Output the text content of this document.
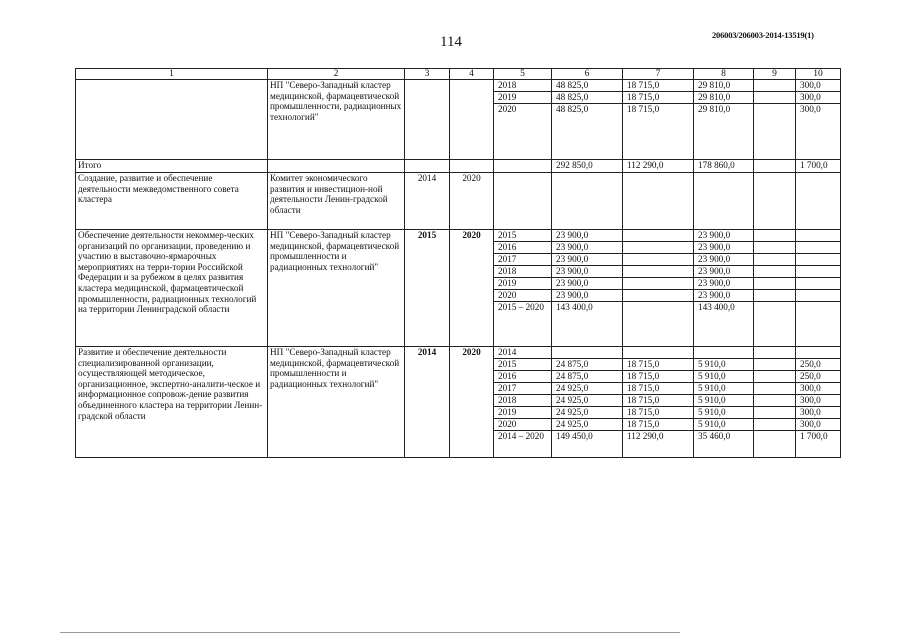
114	206003/206003-2014-13519(1)
1	2	3	4	5	6	7	8	9	10
	НП "Северо-Западный кластер медицинской, фармацевтической промышленности, радиационных технологий"			2018	48 825,0	18 715,0	29 810,0		300,0
				2019	48 825,0	18 715,0	29 810,0		300,0
				2020	48 825,0	18 715,0	29 810,0		300,0
Итого					292 850,0	112 290,0	178 860,0		1 700,0
Создание, развитие и обеспечение деятельности межведомственного совета кластера	Комитет экономического развития и инвестицион-ной деятельности Ленин-градской области	2014	2020						
Обеспечение деятельности некоммер-ческих организаций по организации, проведению и участию в выставочно-ярмарочных мероприятиях на терри-тории Российской Федерации и за рубежом в целях развития кластера медицинской, фармацевтической промышленности, радиационных технологий на территории Ленинградской области	НП "Северо-Западный кластер медицинской, фармацевтической промышленности и радиационных технологий"	2015	2020	2015	23 900,0		23 900,0		
				2016	23 900,0		23 900,0		
				2017	23 900,0		23 900,0		
				2018	23 900,0		23 900,0		
				2019	23 900,0		23 900,0		
				2020	23 900,0		23 900,0		
				2015 – 2020	143 400,0		143 400,0		
Развитие и обеспечение деятельности специализированной организации, осуществляющей методическое, организационное, экспертно-аналити-ческое и информационное сопровож-дение развития объединенного кластера на территории Ленин-градской области	НП "Северо-Западный кластер медицинской, фармацевтической промышленности и радиационных технологий"	2014	2020	2014					
				2015	24 875,0	18 715,0	5 910,0		250,0
				2016	24 875,0	18 715,0	5 910,0		250,0
				2017	24 925,0	18 715,0	5 910,0		300,0
				2018	24 925,0	18 715,0	5 910,0		300,0
				2019	24 925,0	18 715,0	5 910,0		300,0
				2020	24 925,0	18 715,0	5 910,0		300,0
				2014 – 2020	149 450,0	112 290,0	35 460,0		1 700,0
